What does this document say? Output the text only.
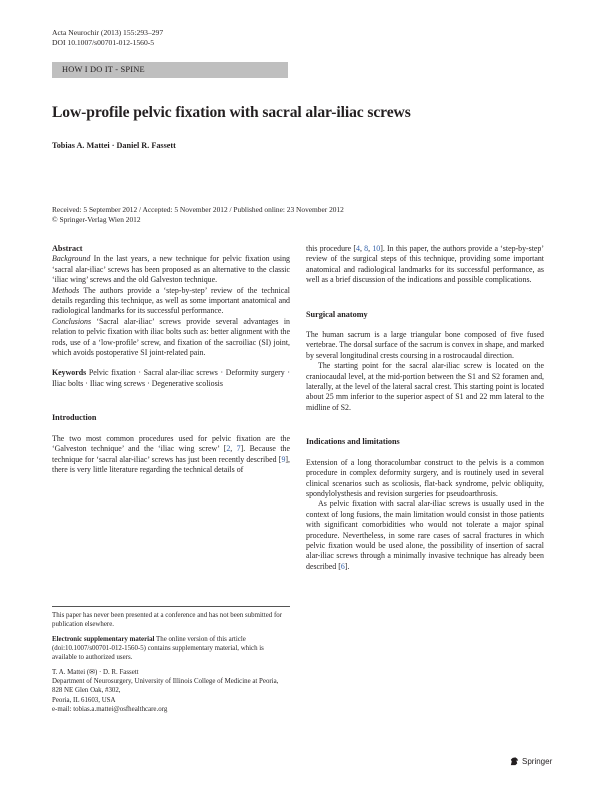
Acta Neurochir (2013) 155:293–297
DOI 10.1007/s00701-012-1560-5
HOW I DO IT - SPINE
Low-profile pelvic fixation with sacral alar-iliac screws
Tobias A. Mattei · Daniel R. Fassett
Received: 5 September 2012 / Accepted: 5 November 2012 / Published online: 23 November 2012
© Springer-Verlag Wien 2012

Abstract

Background In the last years, a new technique for pelvic fixation using ‘sacral alar-iliac’ screws has been proposed as an alternative to the classic ‘iliac wing’ screws and the old Galveston technique.

Methods The authors provide a ‘step-by-step’ review of the technical details regarding this technique, as well as some important anatomical and radiological landmarks for its successful performance.

Conclusions ‘Sacral alar-iliac’ screws provide several advantages in relation to pelvic fixation with iliac bolts such as: better alignment with the rods, use of a ‘low-profile’ screw, and fixation of the sacroiliac (SI) joint, which avoids postoperative SI joint-related pain.

Keywords Pelvic fixation · Sacral alar-iliac screws · Deformity surgery · Iliac bolts · Iliac wing screws · Degenerative scoliosis

Introduction

The two most common procedures used for pelvic fixation are the ‘Galveston technique’ and the ‘iliac wing screw’ [2, 7]. Because the technique for ‘sacral alar-iliac’ screws has just been recently described [9], there is very little literature regarding the technical details of

This paper has never been presented at a conference and has not been submitted for publication elsewhere.
Electronic supplementary material The online version of this article (doi:10.1007/s00701-012-1560-5) contains supplementary material, which is available to authorized users.
T. A. Mattei (✉) · D. R. Fassett
Department of Neurosurgery, University of Illinois College of Medicine at Peoria, 828 NE Glen Oak, #302,
Peoria, IL 61603, USA
e-mail: tobias.a.mattei@osfhealthcare.org

this procedure [4, 8, 10]. In this paper, the authors provide a ‘step-by-step’ review of the surgical steps of this technique, providing some important anatomical and radiological landmarks for its successful performance, as well as a brief discussion of the indications and possible complications.

Surgical anatomy

The human sacrum is a large triangular bone composed of five fused vertebrae. The dorsal surface of the sacrum is convex in shape, and marked by several longitudinal crests coursing in a rostrocaudal direction.

The starting point for the sacral alar-iliac screw is located on the craniocaudal level, at the mid-portion between the S1 and S2 foramen and, laterally, at the level of the lateral sacral crest. This starting point is located about 25 mm inferior to the superior aspect of S1 and 22 mm lateral to the midline of S2.

Indications and limitations

Extension of a long thoracolumbar construct to the pelvis is a common procedure in complex deformity surgery, and is routinely used in several clinical scenarios such as scoliosis, flat-back syndrome, pelvic obliquity, spondylolysthesis and revision surgeries for pseudoarthrosis.

As pelvic fixation with sacral alar-iliac screws is usually used in the context of long fusions, the main limitation would consist in those patients with significant comorbidities who would not tolerate a major spinal procedure. Nevertheless, in some rare cases of sacral fractures in which pelvic fixation would be used alone, the possibility of insertion of sacral alar-iliac screws through a minimally invasive technique has already been described [6].

Springer
